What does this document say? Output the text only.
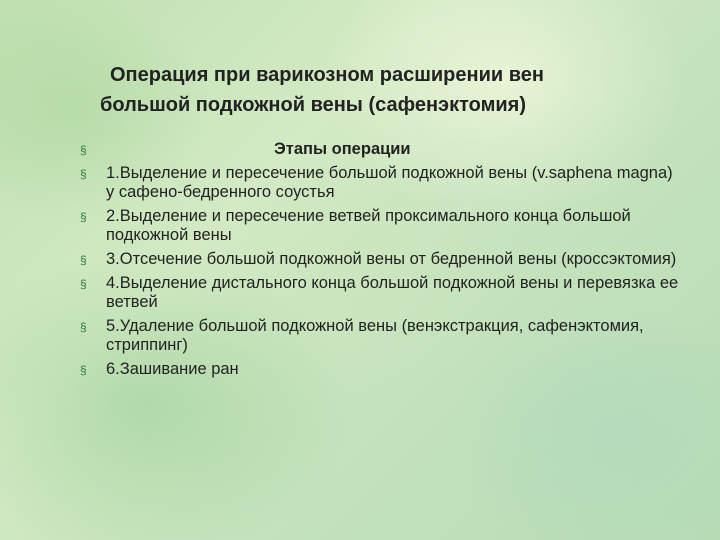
Операция при варикозном расширении вен
большой подкожной вены (сафенэктомия)
§	Этапы операции
§ 1.Выделение и пересечение большой подкожной вены (v.saphena magna) у сафено-бедренного соустья
§ 2.Выделение и пересечение ветвей проксимального конца большой подкожной вены
§ 3.Отсечение большой подкожной вены от бедренной вены (кроссэктомия)
§ 4.Выделение дистального конца большой подкожной вены и перевязка ее ветвей
§ 5.Удаление большой подкожной вены (венэкстракция, сафенэктомия, стриппинг)
§ 6.Зашивание ран
